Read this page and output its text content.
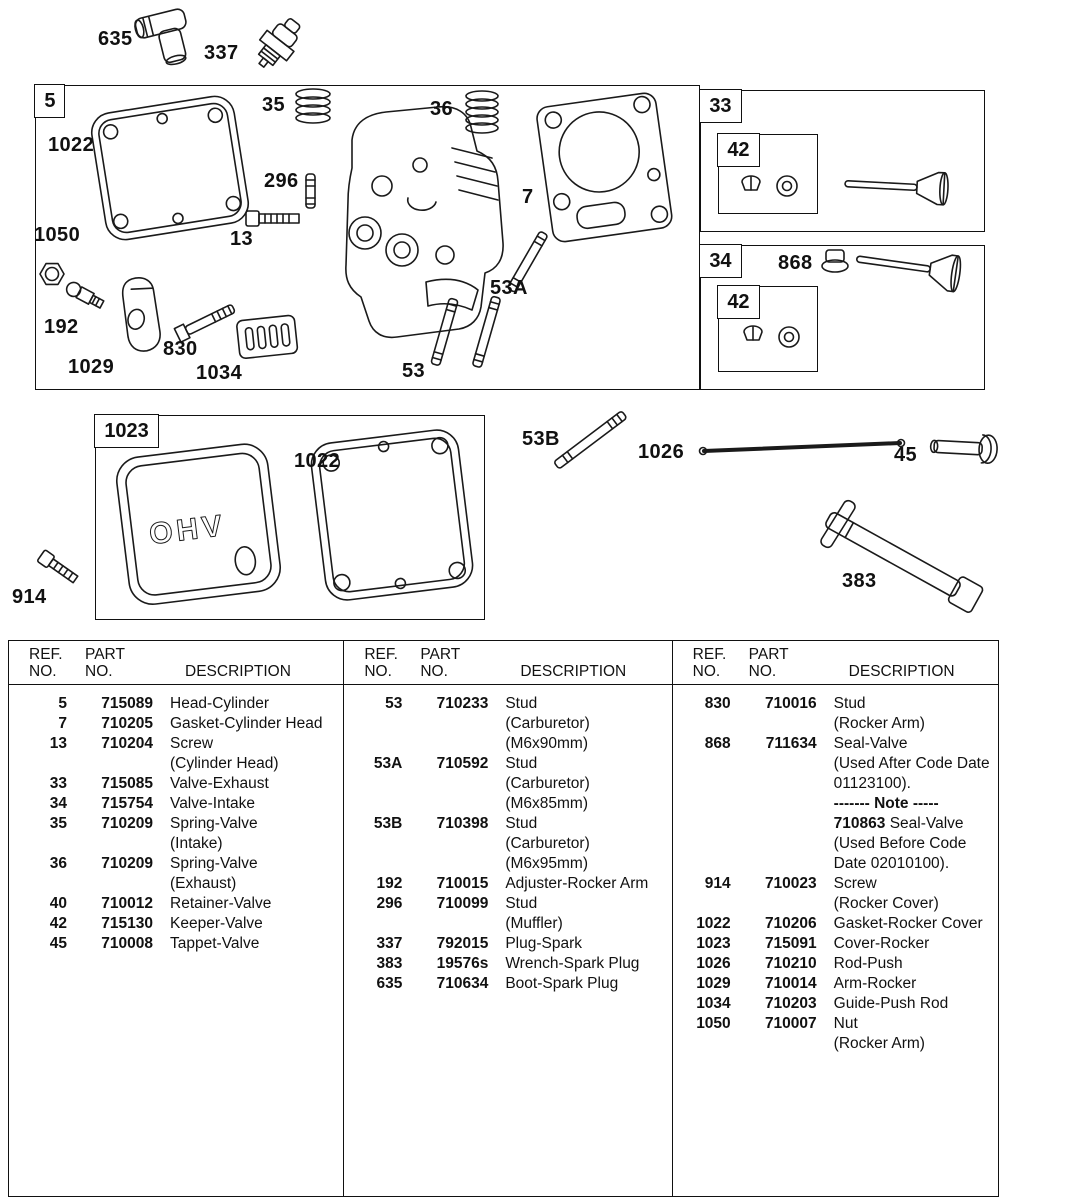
OHV
5	33
42
34
42
1023
635
337
1022
35	36
296
13
7
1050
53A
192
830
1029	1034	53
868
1022
914
53B
1026	45
383
REF.
NO.
PART
NO.	DESCRIPTION
5	715089	Head-Cylinder
7	710205	Gasket-Cylinder Head
13	710204	Screw
(Cylinder Head)
33	715085	Valve-Exhaust
34	715754	Valve-Intake
35	710209	Spring-Valve
(Intake)
36	710209	Spring-Valve
(Exhaust)
40	710012	Retainer-Valve
42	715130	Keeper-Valve
45	710008	Tappet-Valve
REF.
NO.
PART
NO.	DESCRIPTION
53	710233	Stud
(Carburetor)
(M6x90mm)
53A	710592	Stud
(Carburetor)
(M6x85mm)
53B	710398	Stud
(Carburetor)
(M6x95mm)
192	710015	Adjuster-Rocker Arm
296	710099	Stud
(Muffler)
337	792015	Plug-Spark
383	19576s	Wrench-Spark Plug
635	710634	Boot-Spark Plug
REF.
NO.
PART
NO.	DESCRIPTION
830	710016	Stud
(Rocker Arm)
868	711634	Seal-Valve
(Used After Code Date
01123100).
------- Note -----
710863 Seal-Valve
(Used Before Code
Date 02010100).
914	710023	Screw
(Rocker Cover)
1022	710206	Gasket-Rocker Cover
1023	715091	Cover-Rocker
1026	710210	Rod-Push
1029	710014	Arm-Rocker
1034	710203	Guide-Push Rod
1050	710007	Nut
(Rocker Arm)
